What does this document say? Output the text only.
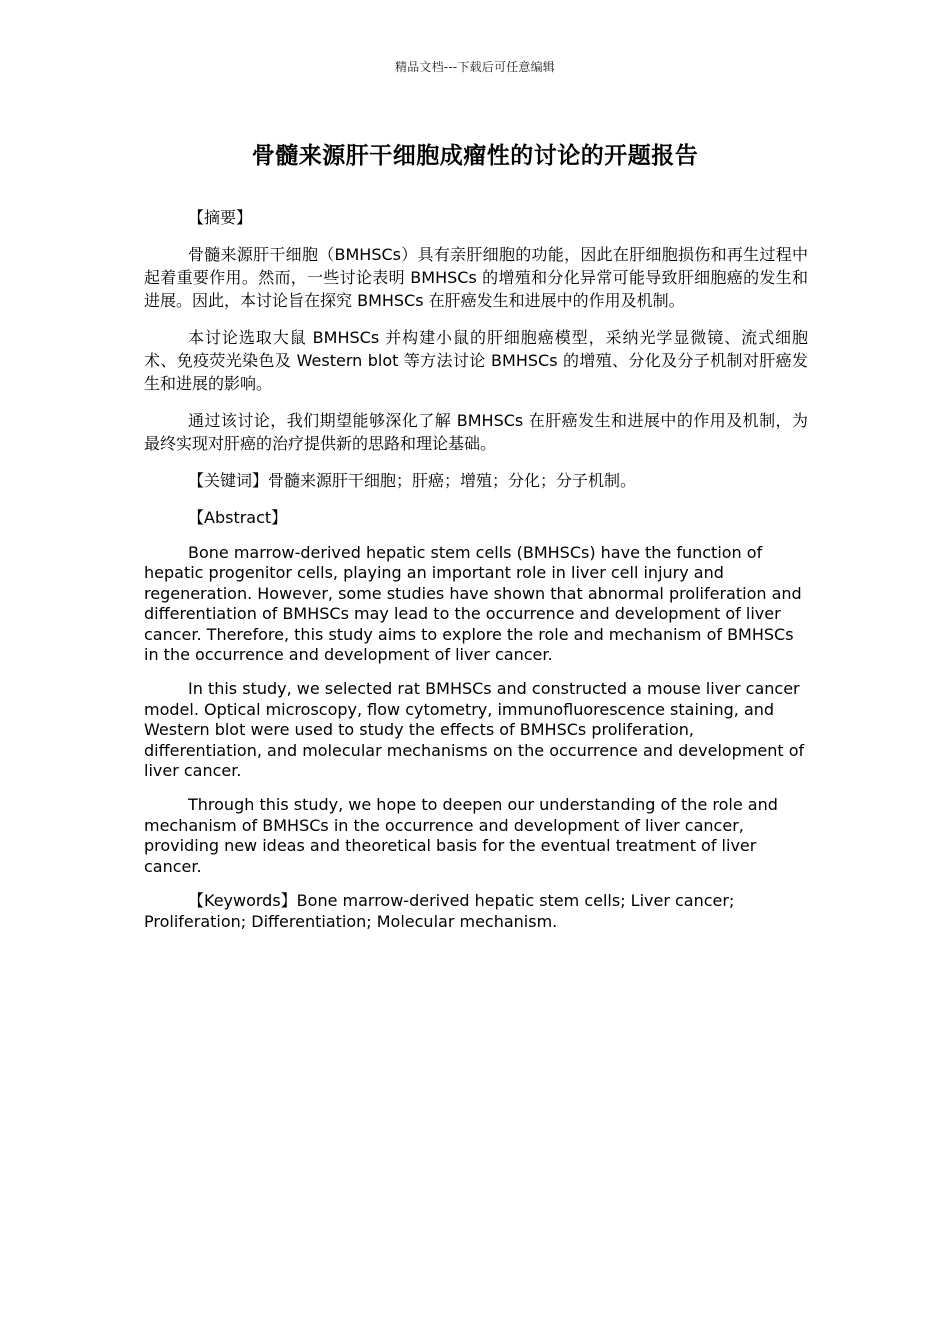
精品文档---下载后可任意编辑
骨髓来源肝干细胞成瘤性的讨论的开题报告

【摘要】

骨髓来源肝干细胞（BMHSCs）具有亲肝细胞的功能，因此在肝细胞损伤和再生过程中起着重要作用。然而，一些讨论表明 BMHSCs 的增殖和分化异常可能导致肝细胞癌的发生和进展。因此，本讨论旨在探究 BMHSCs 在肝癌发生和进展中的作用及机制。

本讨论选取大鼠 BMHSCs 并构建小鼠的肝细胞癌模型，采纳光学显微镜、流式细胞术、免疫荧光染色及 Western blot 等方法讨论 BMHSCs 的增殖、分化及分子机制对肝癌发生和进展的影响。

通过该讨论，我们期望能够深化了解 BMHSCs 在肝癌发生和进展中的作用及机制，为最终实现对肝癌的治疗提供新的思路和理论基础。

【关键词】骨髓来源肝干细胞；肝癌；增殖；分化；分子机制。

【Abstract】

Bone marrow-derived hepatic stem cells (BMHSCs) have the function of hepatic progenitor cells, playing an important role in liver cell injury and regeneration. However, some studies have shown that abnormal proliferation and differentiation of BMHSCs may lead to the occurrence and development of liver cancer. Therefore, this study aims to explore the role and mechanism of BMHSCs in the occurrence and development of liver cancer.

In this study, we selected rat BMHSCs and constructed a mouse liver cancer model. Optical microscopy, flow cytometry, immunofluorescence staining, and Western blot were used to study the effects of BMHSCs proliferation, differentiation, and molecular mechanisms on the occurrence and development of liver cancer.

Through this study, we hope to deepen our understanding of the role and mechanism of BMHSCs in the occurrence and development of liver cancer, providing new ideas and theoretical basis for the eventual treatment of liver cancer.

【Keywords】Bone marrow-derived hepatic stem cells; Liver cancer; Proliferation; Differentiation; Molecular mechanism.
